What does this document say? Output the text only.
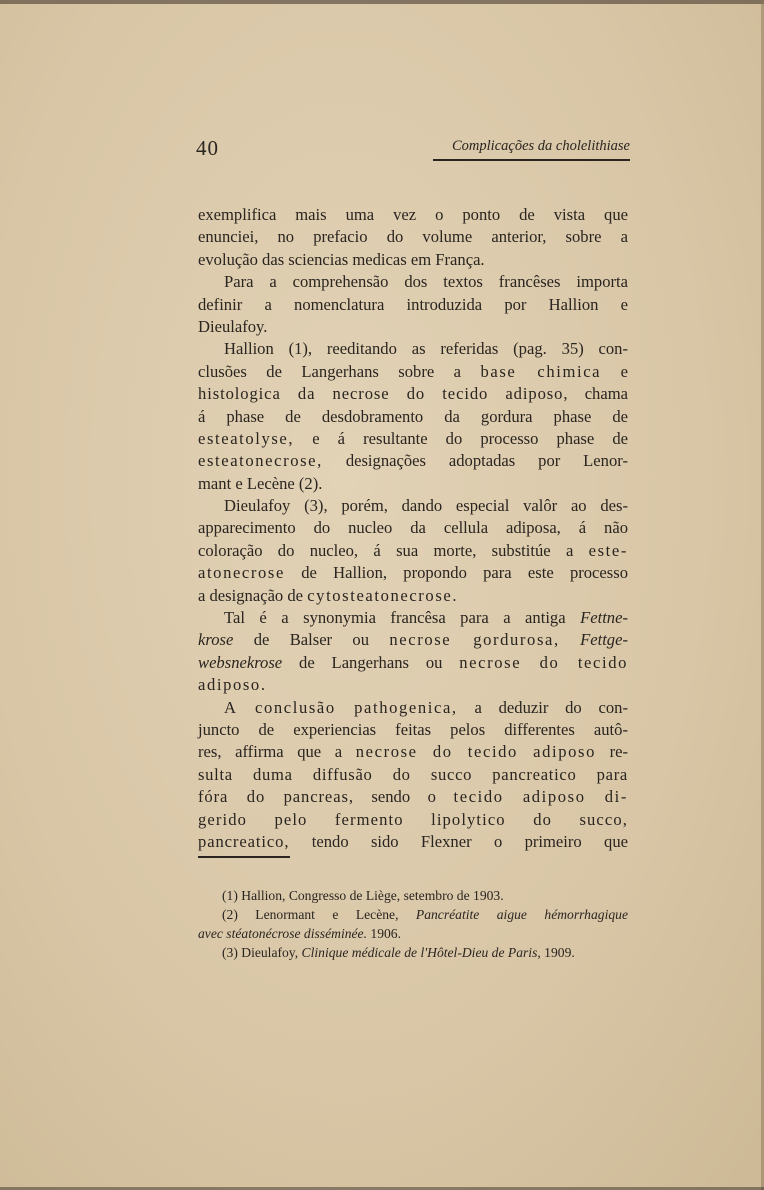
40	Complicações da cholelithiase
exemplifica mais uma vez o ponto de vista que
enunciei, no prefacio do volume anterior, sobre a
evolução das sciencias medicas em França.
Para a comprehensão dos textos francêses importa
definir a nomenclatura introduzida por Hallion e
Dieulafoy.
Hallion (1), reeditando as referidas (pag. 35) con-
clusões de Langerhans sobre a base chimica e
histologica da necrose do tecido adiposo, chama
á phase de desdobramento da gordura phase de
esteatolyse, e á resultante do processo phase de
esteatonecrose, designações adoptadas por Lenor-
mant e Lecène (2).
Dieulafoy (3), porém, dando especial valôr ao des-
apparecimento do nucleo da cellula adiposa, á não
coloração do nucleo, á sua morte, substitúe a este-
atonecrose de Hallion, propondo para este processo
a designação de cytosteatonecrose.
Tal é a synonymia francêsa para a antiga Fettne-
krose de Balser ou necrose gordurosa, Fettge-
websnekrose de Langerhans ou necrose do tecido
adiposo.
A conclusão pathogenica, a deduzir do con-
juncto de experiencias feitas pelos differentes autô-
res, affirma que a necrose do tecido adiposo re-
sulta duma diffusão do succo pancreatico para
fóra do pancreas, sendo o tecido adiposo di-
gerido pelo fermento lipolytico do succo,
pancreatico, tendo sido Flexner o primeiro que
(1) Hallion, Congresso de Liège, setembro de 1903.
(2) Lenormant e Lecène, Pancréatite aigue hémorrhagique
avec stéatonécrose disséminée. 1906.
(3) Dieulafoy, Clinique médicale de l'Hôtel-Dieu de Paris, 1909.
